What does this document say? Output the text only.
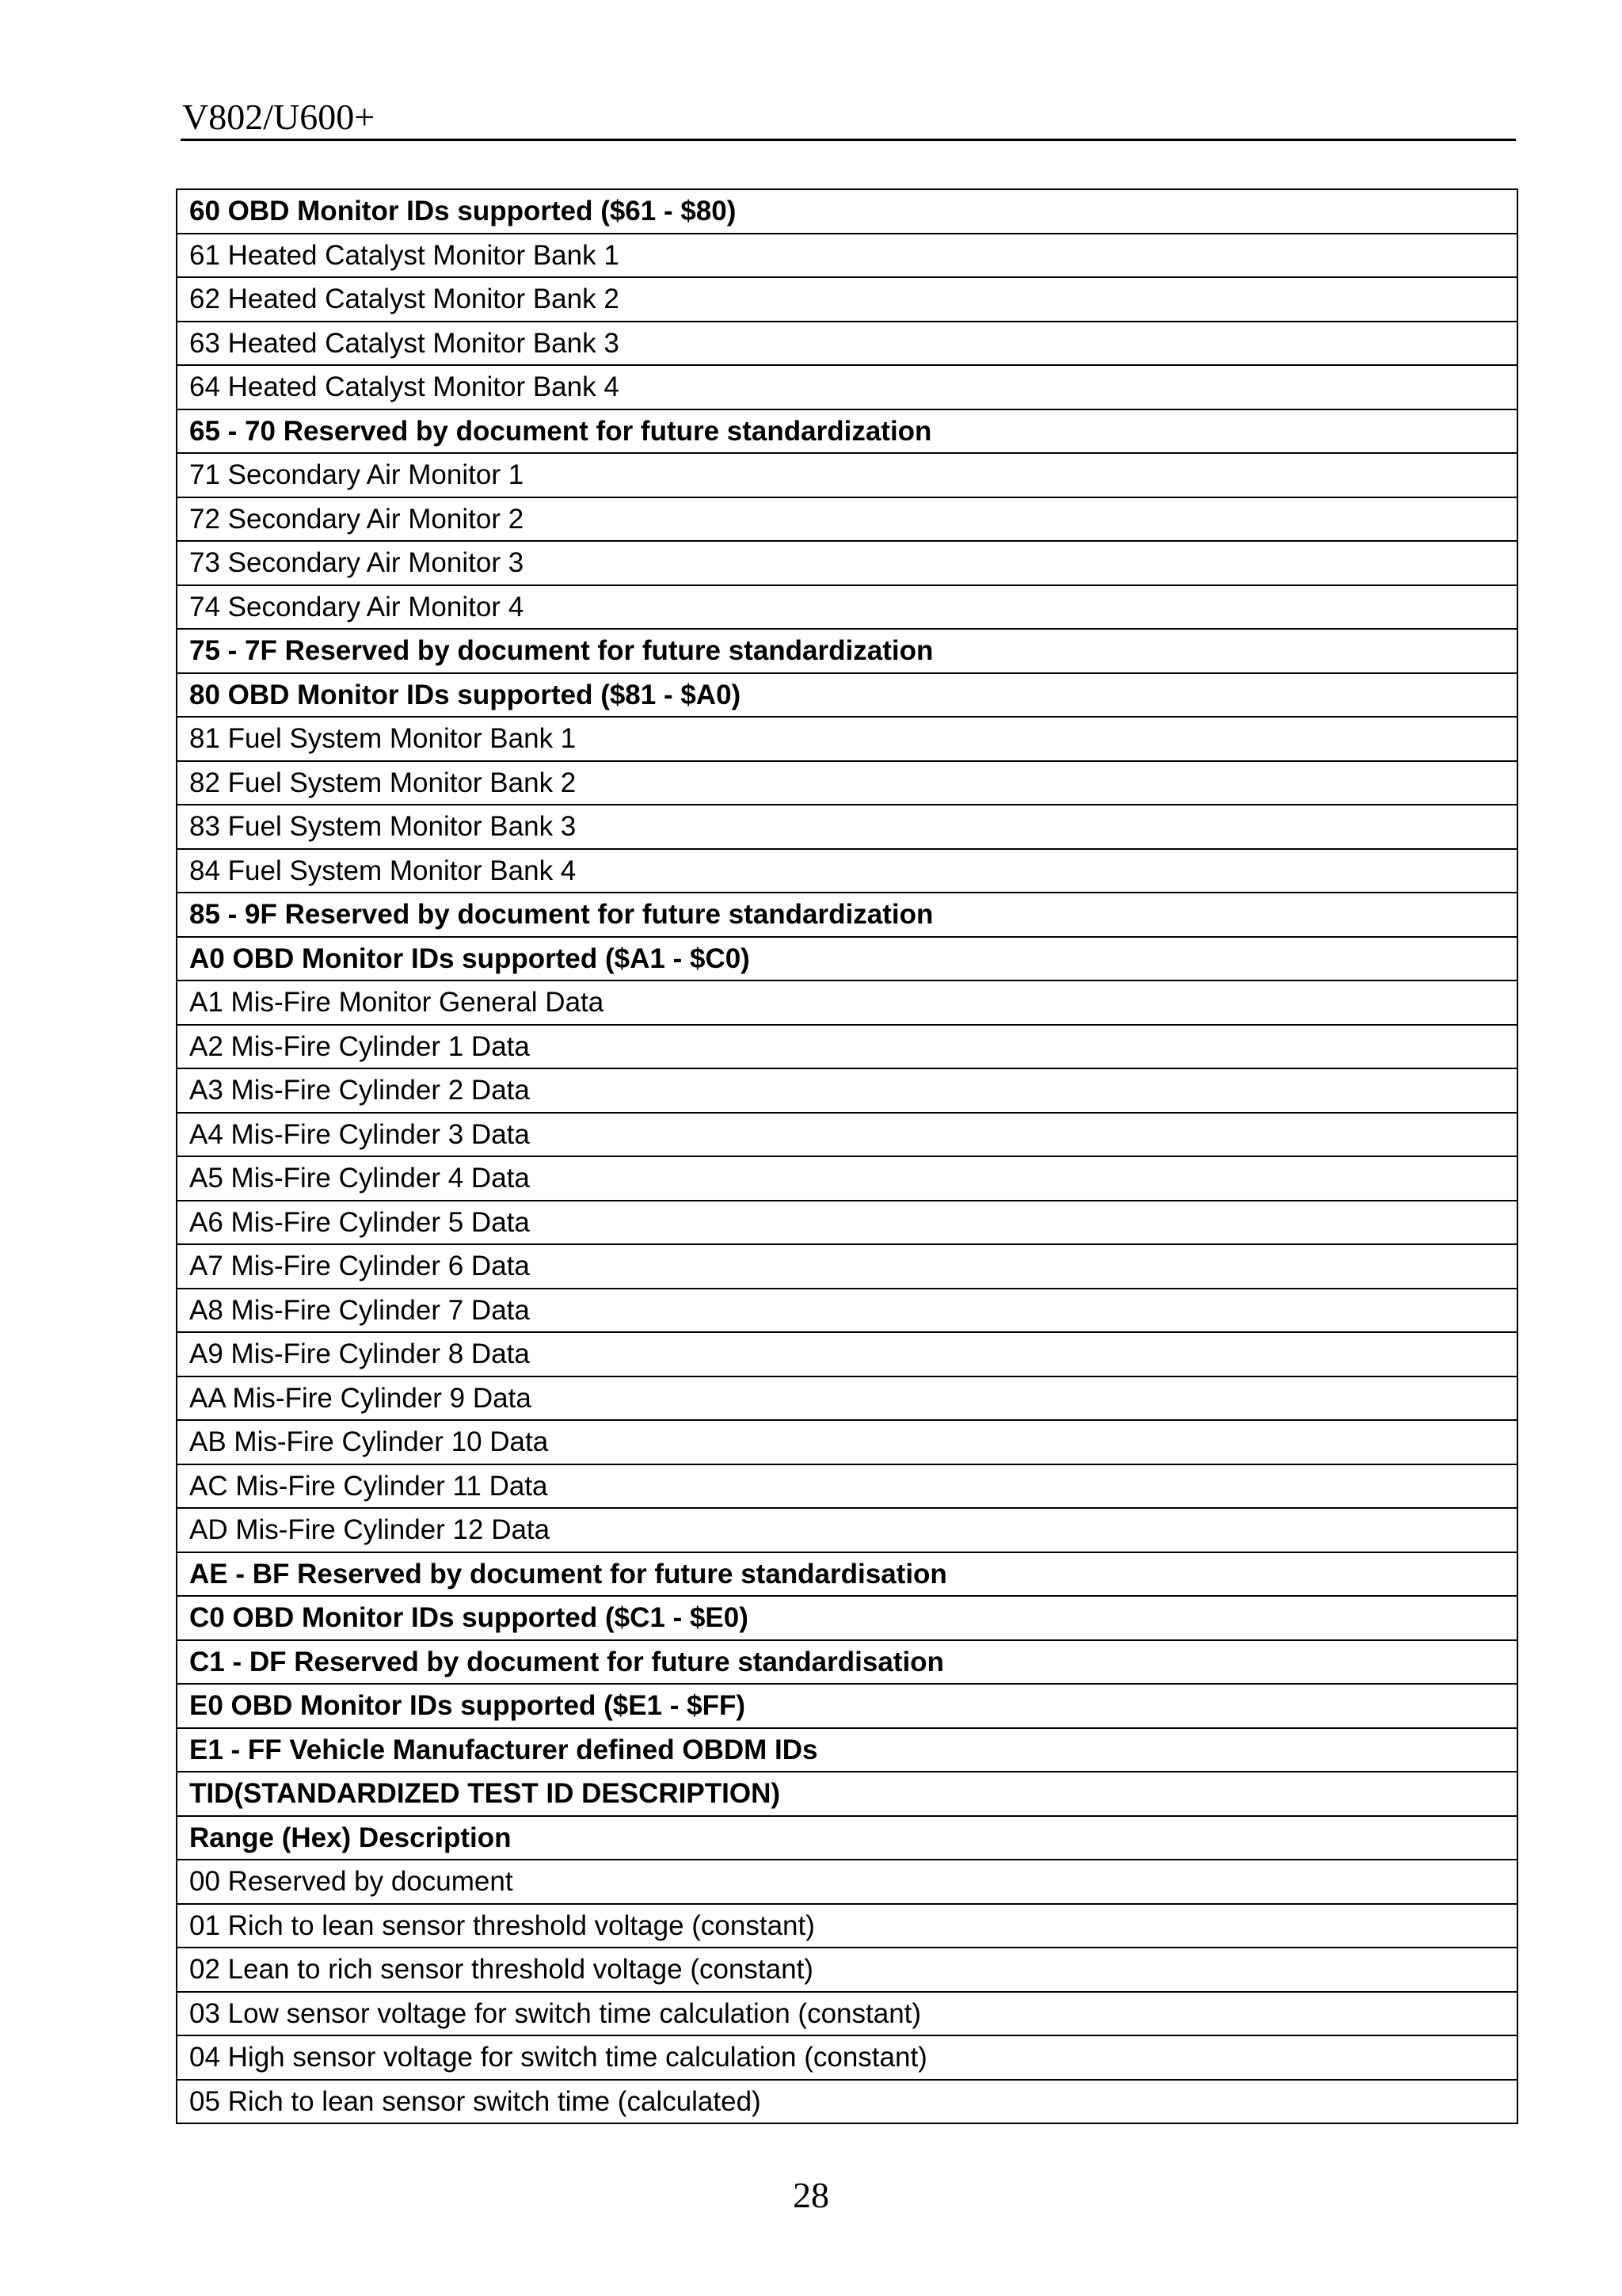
V802/U600+
60 OBD Monitor IDs supported ($61 - $80)
61 Heated Catalyst Monitor Bank 1
62 Heated Catalyst Monitor Bank 2
63 Heated Catalyst Monitor Bank 3
64 Heated Catalyst Monitor Bank 4
65 - 70 Reserved by document for future standardization
71 Secondary Air Monitor 1
72 Secondary Air Monitor 2
73 Secondary Air Monitor 3
74 Secondary Air Monitor 4
75 - 7F Reserved by document for future standardization
80 OBD Monitor IDs supported ($81 - $A0)
81 Fuel System Monitor Bank 1
82 Fuel System Monitor Bank 2
83 Fuel System Monitor Bank 3
84 Fuel System Monitor Bank 4
85 - 9F Reserved by document for future standardization
A0 OBD Monitor IDs supported ($A1 - $C0)
A1 Mis-Fire Monitor General Data
A2 Mis-Fire Cylinder 1 Data
A3 Mis-Fire Cylinder 2 Data
A4 Mis-Fire Cylinder 3 Data
A5 Mis-Fire Cylinder 4 Data
A6 Mis-Fire Cylinder 5 Data
A7 Mis-Fire Cylinder 6 Data
A8 Mis-Fire Cylinder 7 Data
A9 Mis-Fire Cylinder 8 Data
AA Mis-Fire Cylinder 9 Data
AB Mis-Fire Cylinder 10 Data
AC Mis-Fire Cylinder 11 Data
AD Mis-Fire Cylinder 12 Data
AE - BF Reserved by document for future standardisation
C0 OBD Monitor IDs supported ($C1 - $E0)
C1 - DF Reserved by document for future standardisation
E0 OBD Monitor IDs supported ($E1 - $FF)
E1 - FF Vehicle Manufacturer defined OBDM IDs
TID(STANDARDIZED TEST ID DESCRIPTION)
Range (Hex) Description
00 Reserved by document
01 Rich to lean sensor threshold voltage (constant)
02 Lean to rich sensor threshold voltage (constant)
03 Low sensor voltage for switch time calculation (constant)
04 High sensor voltage for switch time calculation (constant)
05 Rich to lean sensor switch time (calculated)
28
